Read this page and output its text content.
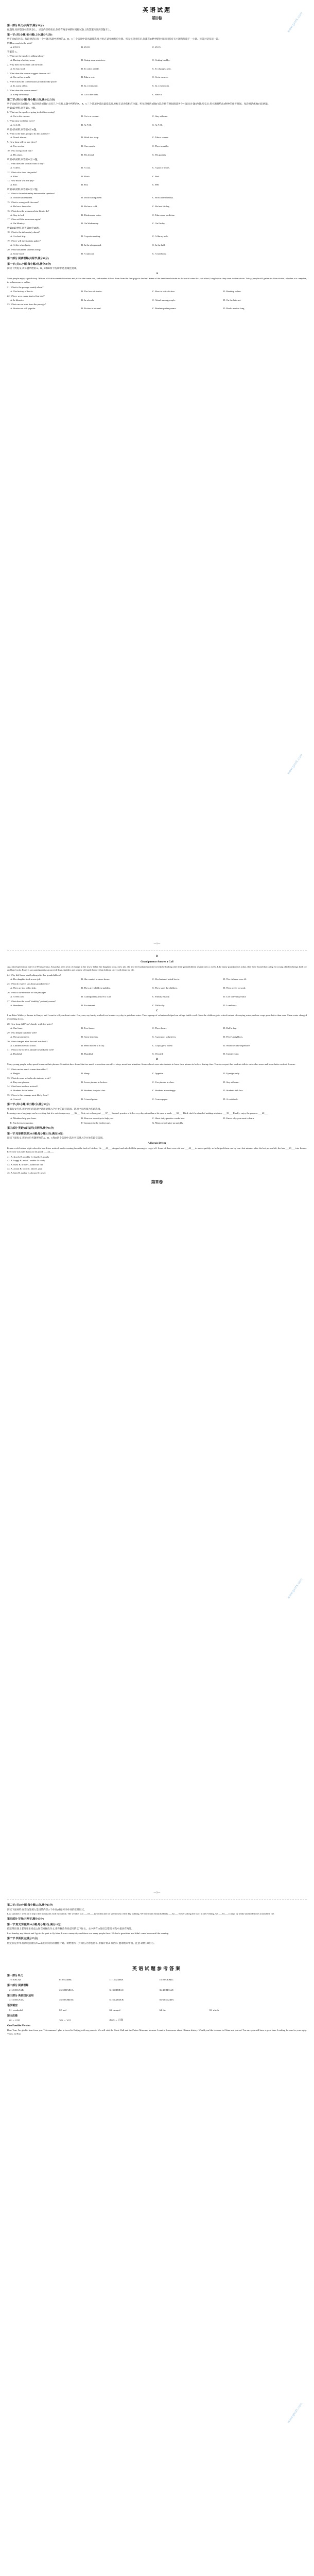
www.gkstk.com
www.gkstk.com
www.gkstk.com
www.gkstk.com
英语试题
第Ⅰ卷
第一部分 听力(共两节,满分30分)
做题时,先将答案标在试卷上。录音内容结束后,你将有两分钟的时间将试卷上的答案转涂到答题卡上。
第一节 (共5小题;每小题1.5分,满分7.5分)
听下面5段对话。每段对话后有一个小题,从题中所给的A、B、C三个选项中选出最佳选项,并标在试卷的相应位置。听完每段对话后,你都有10秒钟的时间来回答有关小题和阅读下一小题。每段对话仅读一遍。
例:How much is the shirt?
A. £19.15.	B. £9.18.	C. £9.15.
答案是 C。
1. What are the speakers talking about?
A. Having a holiday soon.	B. Going some exercises.	C. Getting healthy.
2. Why does the woman call the man?
A. To buy food.	B. To order a table.	C. To change a seat.
3. What does the woman suggest the man do?
A. Go out for a walk.	B. Take a rest.	C. Get a camera.
4. Where does the conversation probably take place?
A. In a post office.	B. In a restaurant.	C. In a classroom.
5. What does the woman mean?
A. Keep the money.	B. Go to the bank.	C. Save it.
第二节 (共15小题;每小题1.5分,满分22.5分)
听下面5段对话或独白。每段对话或独白后有几个小题,从题中所给的A、B、C三个选项中选出最佳选项,并标在试卷的相应位置。听每段对话或独白前,你将有时间阅读各个小题,每小题5秒钟;听完后,各小题将给出5秒钟的作答时间。每段对话或独白读两遍。
听第6段材料,回答第6、7题。
6. What are the speakers going to do this evening?
A. Go to the cinema.	B. Go to a concert.	C. Stay at home.
7. What time will they meet?
A. At 6:30.	B. At 7:00.	C. At 7:30.
听第7段材料,回答第8至10题。
8. What is the man going to do this summer?
A. Travel abroad.	B. Work in a shop.	C. Take a course.
9. How long will he stay there?
A. Two weeks.	B. One month.	C. Three months.
10. Who will go with him?
A. His sister.	B. His friend.	C. His parents.
听第8段材料,回答第11至13题。
11. What does the woman want to buy?
A. A dress.	B. A coat.	C. A pair of shoes.
12. What color does she prefer?
A. Blue.	B. Black.	C. Red.
13. How much will she pay?
A. $45.	B. $54.	C. $90.
听第9段材料,回答第14至17题。
14. What is the relationship between the speakers?
A. Teacher and student.	B. Doctor and patient.	C. Boss and secretary.
15. What is wrong with the man?
A. He has a headache.	B. He has a cold.	C. He hurt his leg.
16. What does the woman advise him to do?
A. Stay in bed.	B. Drink more water.	C. Take some medicine.
17. When will the man come again?
A. On Monday.	B. On Wednesday.	C. On Friday.
听第10段材料,回答第18至20题。
18. What is the talk mainly about?
A. A school trip.	B. A sports meeting.	C. A library rule.
19. Where will the students gather?
A. At the school gate.	B. In the playground.	C. In the hall.
20. What should the students bring?
A. Some food.	B. A raincoat.	C. A notebook.
第二部分 阅读理解(共两节,满分40分)
第一节 (共15小题;每小题2分,满分30分)
阅读下列短文,从每题所给的A、B、C和D四个选项中,选出最佳选项。
A
Most people enjoy a good story. Writers of fiction create characters and places that seem real, and readers follow them from the first page to the last. Some of the best-loved stories in the world were first told aloud, long before they were written down. Today, people still gather to share stories, whether at a campfire, in a classroom or online.
21. What is the passage mainly about?
A. The history of books.	B. The love of stories.	C. How to write fiction.	D. Reading online.
22. Where were many stories first told?
A. In libraries.	B. In schools.	C. Aloud among people.	D. On the Internet.
23. What can we infer from the passage?
A. Stories are still popular.	B. Fiction is not real.	C. Readers prefer poems.	D. Books are too long.
—1—
B
Grandparents Answer a Call
As a third-generation native of Pennsylvania, Susan has seen a lot of change in her town. When her daughter took a new job, she and her husband decided to help by looking after their grandchildren several days a week. Like many grandparents today, they have found that caring for young children brings both joy and hard work. Experts say grandparents can provide love, stability and a sense of family history that children carry with them for life.
24. Why did Susan start looking after her grandchildren?
A. Her daughter took a new job.	B. She wanted to move house.	C. Her husband asked her to.	D. The children were ill.
25. What do experts say about grandparents?
A. They are too old to help.	B. They give children stability.	C. They spoil the children.	D. They prefer to work.
26. What is the best title for the passage?
A. A New Job	B. Grandparents Answer a Call	C. Family History	D. Life in Pennsylvania
27. What does the word "stability" probably mean?
A. Steadiness.	B. Excitement.	C. Difficulty.	D. Loneliness.
C
I am Peter Walker, a farmer in Kenya, and I want to tell you about water. For years, my family walked two hours every day to get clean water. Then a group of volunteers helped our village build a well. Now the children go to school instead of carrying water, and our crops grow better than ever. Clean water changed everything for us.
28. How long did Peter's family walk for water?
A. One hour.	B. Two hours.	C. Three hours.	D. Half a day.
29. Who helped build the well?
A. The government.	B. Some teachers.	C. A group of volunteers.	D. Peter's neighbors.
30. What changed after the well was built?
A. Children went to school.	B. Peter moved to a city.	C. Crops grew worse.	D. Water became expensive.
31. What is the writer's attitude towards the well?
A. Doubtful.	B. Thankful.	C. Worried.	D. Uninterested.
D
Many young people today spend hours on their phones. Scientists have found that too much screen time can affect sleep, mood and attention. Some schools now ask students to leave their phones in lockers during class. Teachers report that students talk to each other more and focus better on their lessons.
32. What can too much screen time affect?
A. Height.	B. Sleep.	C. Appetite.	D. Eyesight only.
33. What do some schools ask students to do?
A. Buy new phones.	B. Leave phones in lockers.	C. Use phones in class.	D. Stay at home.
34. What have teachers noticed?
A. Students focus better.	B. Students sleep in class.	C. Students are unhappy.	D. Students talk less.
35. Where is this passage most likely from?
A. A novel.	B. A travel guide.	C. A newspaper.	D. A cookbook.
第二节 (共5小题;每小题2分,满分10分)
根据短文内容,从短文后的选项中选出能填入空白处的最佳选项。选项中有两项为多余选项。
Learning a new language can be exciting, but it is not always easy. ___36___ First, set a clear goal. ___37___ Second, practice a little every day rather than a lot once a week. ___38___ Third, don't be afraid of making mistakes. ___39___ Finally, enjoy the process. ___40___
A. Mistakes help you learn.	B. Here are some tips to help you.	C. Short daily practice works best.	D. Know why you want to learn.
E. Fun keeps you going.	F. Grammar is the hardest part.	G. Many people give up quickly.
第三部分 英语知识运用(共两节,满分45分)
第一节 完形填空(共20小题;每小题1.5分,满分30分)
阅读下面短文,从短文后各题所给的A、B、C和D四个选项中,选出可以填入空白处的最佳选项。
A Heroic Driver
It was a cold winter night when the bus driver noticed smoke coming from the back of his bus. He ___41___ stopped and asked all the passengers to get off. Some of them were old and ___42___ to move quickly, so he helped them one by one. Just minutes after the last person left, the bus ___43___ into flames. Everyone was safe thanks to his quick ___44___.
41. A. slowly B. quickly C. finally D. nearly
42. A. happy B. able C. unable D. ready
43. A. burst B. broke C. turned D. ran
44. A. action B. word C. idea D. plan
45. A. later B. earlier C. always D. never
第Ⅱ卷
—2—
第二节 (共10小题;每小题1.5分,满分15分)
阅读下面材料,在空白处填入适当的内容(1个单词)或括号内单词的正确形式。
Last summer, I went on a trip to the mountains with my family. The weather was ___61___ (wonder) and we spent most of the day walking. We saw many beautiful birds ___62___ flowers along the way. In the evening, we ___63___ (camp) by a lake and told stories around the fire.
第四部分 写作(共两节,满分35分)
第一节 短文改错(共10小题;每小题1分,满分10分)
假定英语课上老师要求同桌之间交换修改作文,请你修改你同桌写的以下作文。文中共有10处语言错误,每句中最多有两处。
Last Sunday, my friends and I go to the park to fly kites. It was a sunny day and there was many people there. We had a great time and didn't come home until the evening.
第二节 书面表达(满分25分)
假定你是李华,你的英国朋友Tom来信询问你的暑假计划。请给他写一封回信,内容包括:1. 暑假计划;2. 原因;3. 邀请他来中国。注意:词数100左右。
英语试题参考答案
第一部分 听力
1-5 BACAB	6-10 ACBBC	11-15 ACBBA	16-20 CBABC
第二部分 阅读理解
21-25 BCAAB	26-30 BABCA	31-35 BBBAC	36-40 BDCAE
第三部分 英语知识运用
41-45 BCAAA	46-50 CBDAC	51-55 ABDCB	56-60 DACBA
语法填空
61. wonderful	62. and	63. camped	64. the	65. which
短文改错
go → went	was → were	didn't → 正确
One Possible Version
Dear Tom, I'm glad to hear from you. This summer I plan to travel to Beijing with my parents. We will visit the Great Wall and the Palace Museum, because I want to learn more about Chinese history. Would you like to come to China and join us? I'm sure you will have a great time. Looking forward to your reply. Yours, Li Hua
